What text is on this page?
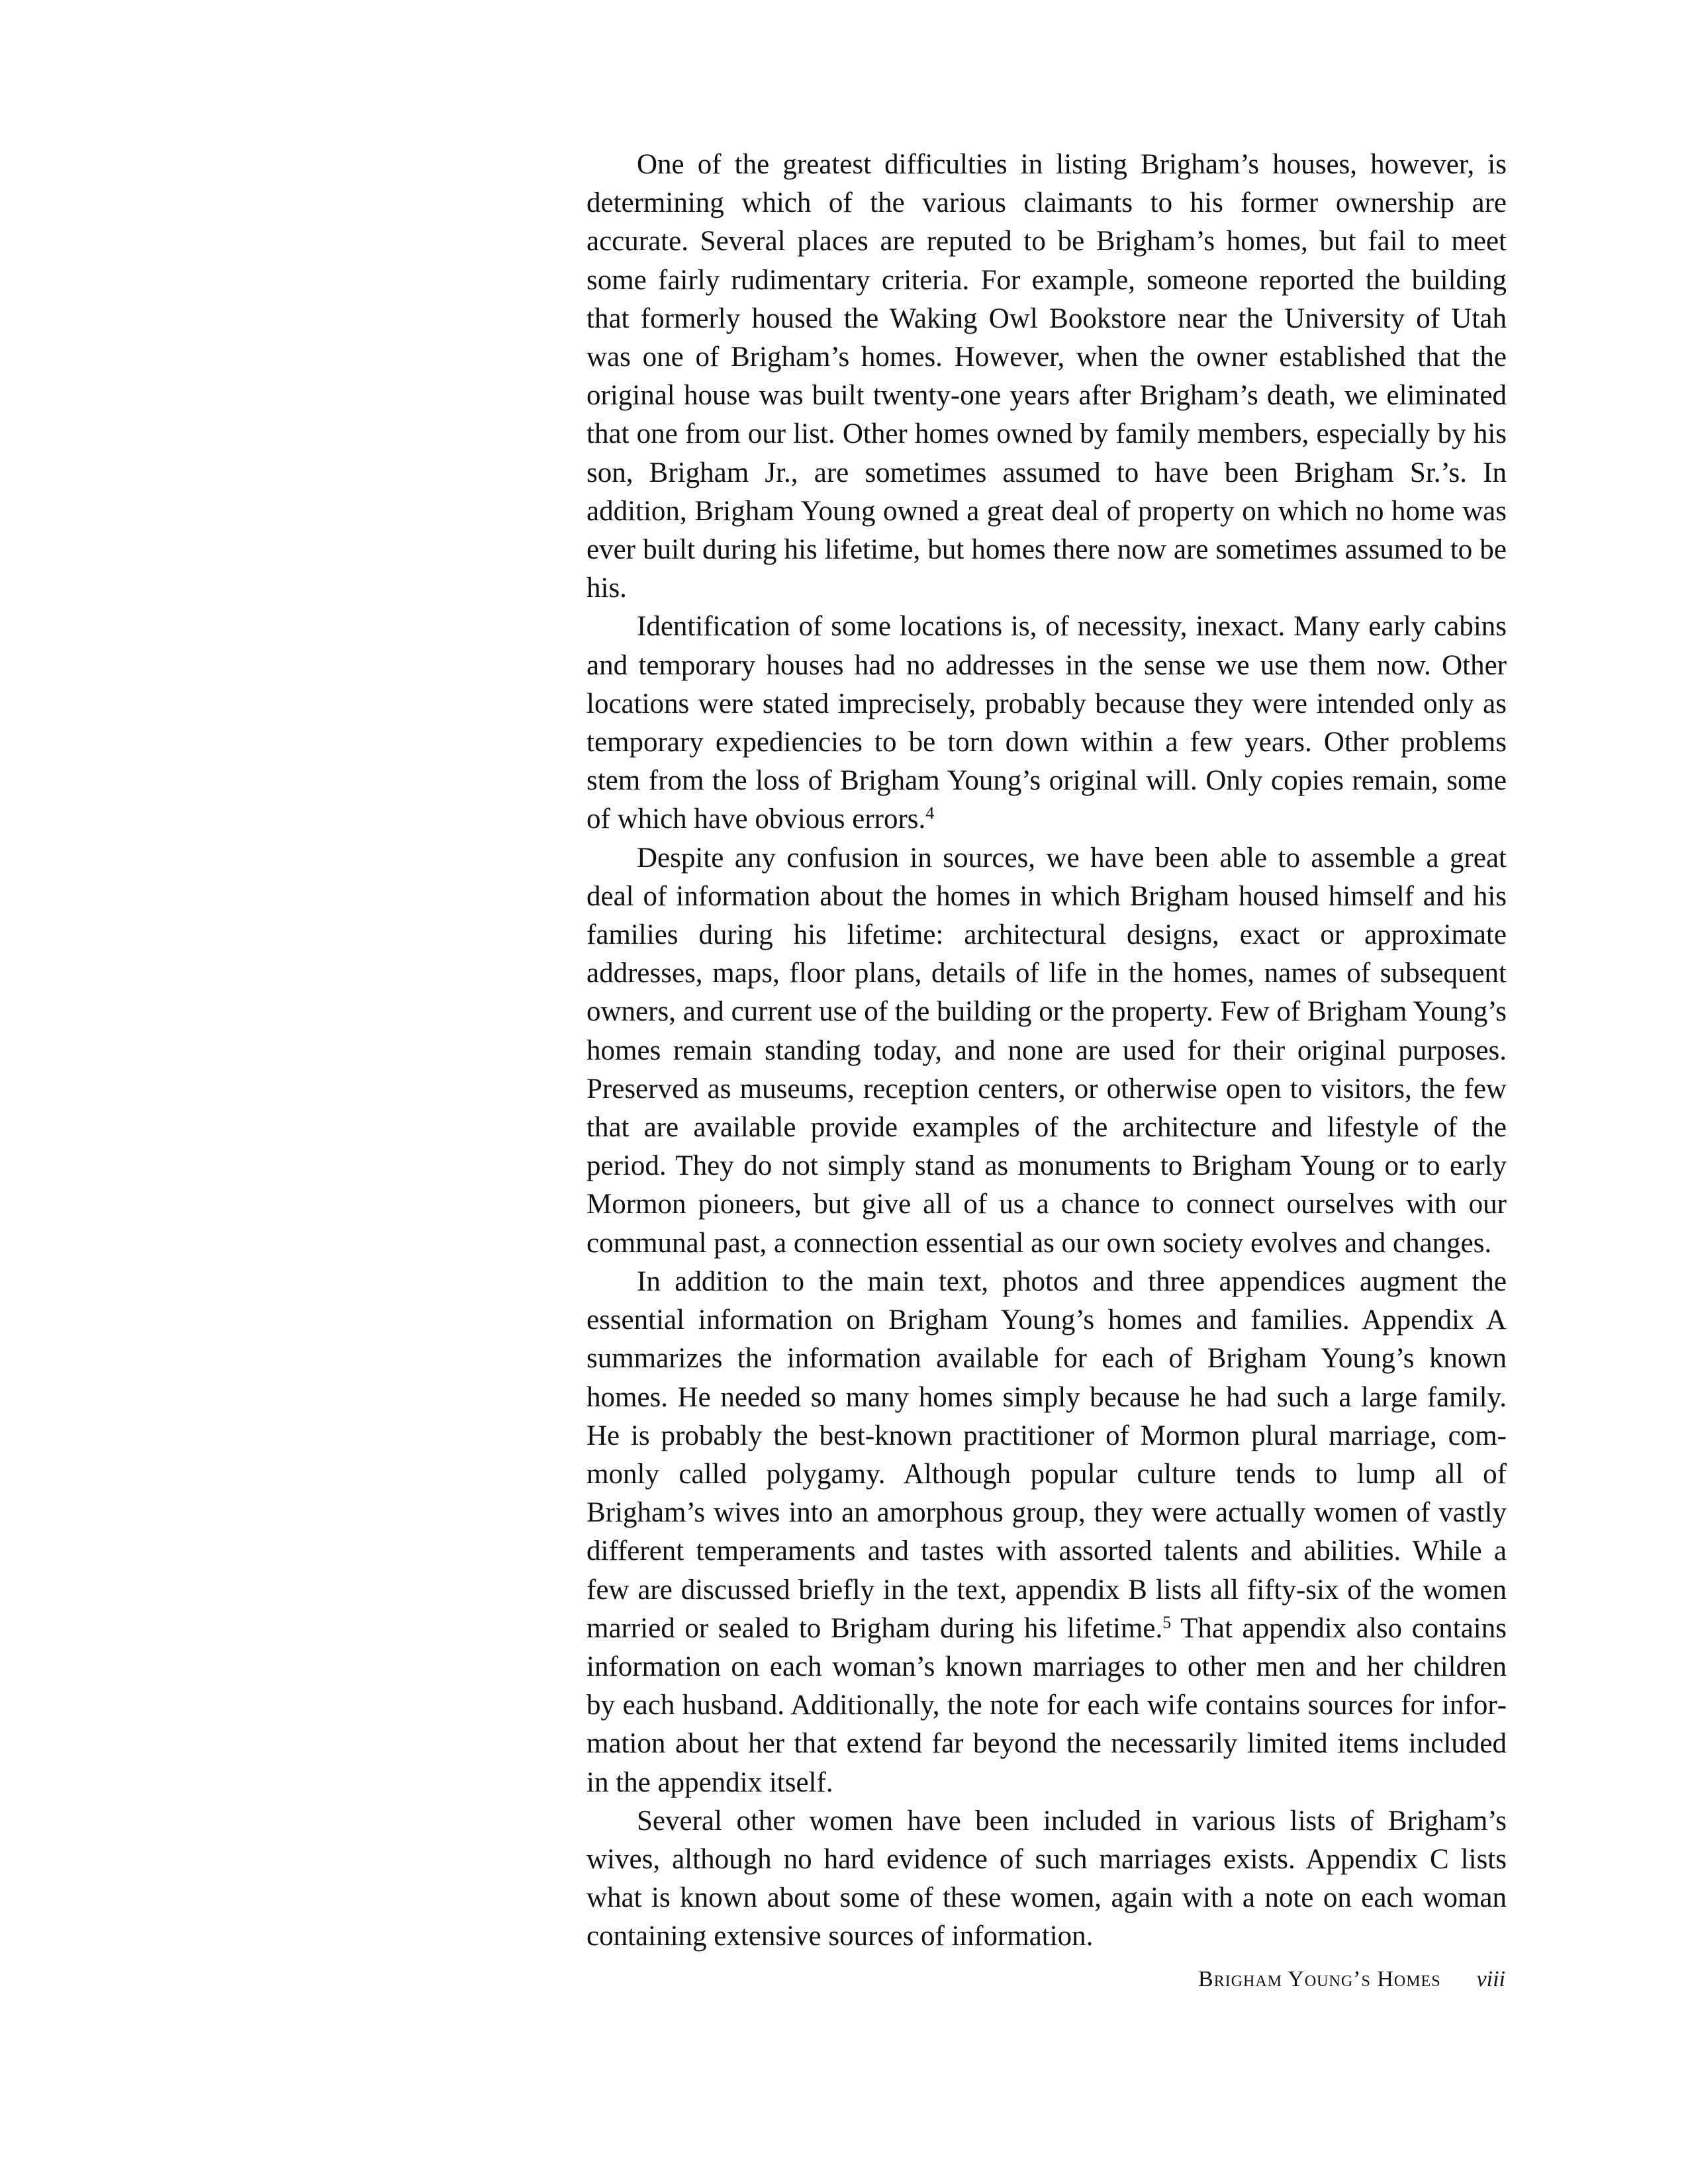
One of the greatest difficulties in listing Brigham’s houses, however, is determining which of the various claimants to his former ownership are accurate. Several places are reputed to be Brigham’s homes, but fail to meet some fairly rudimentary criteria. For example, someone reported the building that formerly housed the Waking Owl Bookstore near the University of Utah was one of Brigham’s homes. However, when the owner established that the original house was built twenty-one years after Brigham’s death, we eliminated that one from our list. Other homes owned by family members, especially by his son, Brigham Jr., are sometimes assumed to have been Brigham Sr.’s. In addition, Brigham Young owned a great deal of property on which no home was ever built during his lifetime, but homes there now are sometimes assumed to be his.

Identification of some locations is, of necessity, inexact. Many early cabins and temporary houses had no addresses in the sense we use them now. Other locations were stated imprecisely, probably because they were intended only as temporary expediencies to be torn down within a few years. Other problems stem from the loss of Brigham Young’s original will. Only copies remain, some of which have obvious errors.$^4$

Despite any confusion in sources, we have been able to assemble a great deal of information about the homes in which Brigham housed himself and his families during his lifetime: architectural designs, exact or approximate addresses, maps, floor plans, details of life in the homes, names of subsequent owners, and current use of the building or the property. Few of Brigham Young’s homes remain standing today, and none are used for their original purposes. Preserved as museums, reception centers, or otherwise open to visitors, the few that are available provide examples of the architecture and lifestyle of the period. They do not simply stand as monuments to Brigham Young or to early Mormon pioneers, but give all of us a chance to connect ourselves with our communal past, a connection essential as our own society evolves and changes.

In addition to the main text, photos and three appendices augment the essential information on Brigham Young’s homes and families. Appendix A summarizes the information available for each of Brigham Young’s known homes. He needed so many homes simply because he had such a large family. He is probably the best-known practitioner of Mormon plural marriage, commonly called polygamy. Although popular culture tends to lump all of Brigham’s wives into an amorphous group, they were actually women of vastly different temperaments and tastes with assorted talents and abilities. While a few are discussed briefly in the text, appendix B lists all fifty-six of the women married or sealed to Brigham during his lifetime.$^5$ That appendix also contains information on each woman’s known marriages to other men and her children by each husband. Additionally, the note for each wife contains sources for information about her that extend far beyond the necessarily limited items included in the appendix itself.

Several other women have been included in various lists of Brigham’s wives, although no hard evidence of such marriages exists. Appendix C lists what is known about some of these women, again with a note on each woman containing extensive sources of information.

Brigham Young’s Homes viii
